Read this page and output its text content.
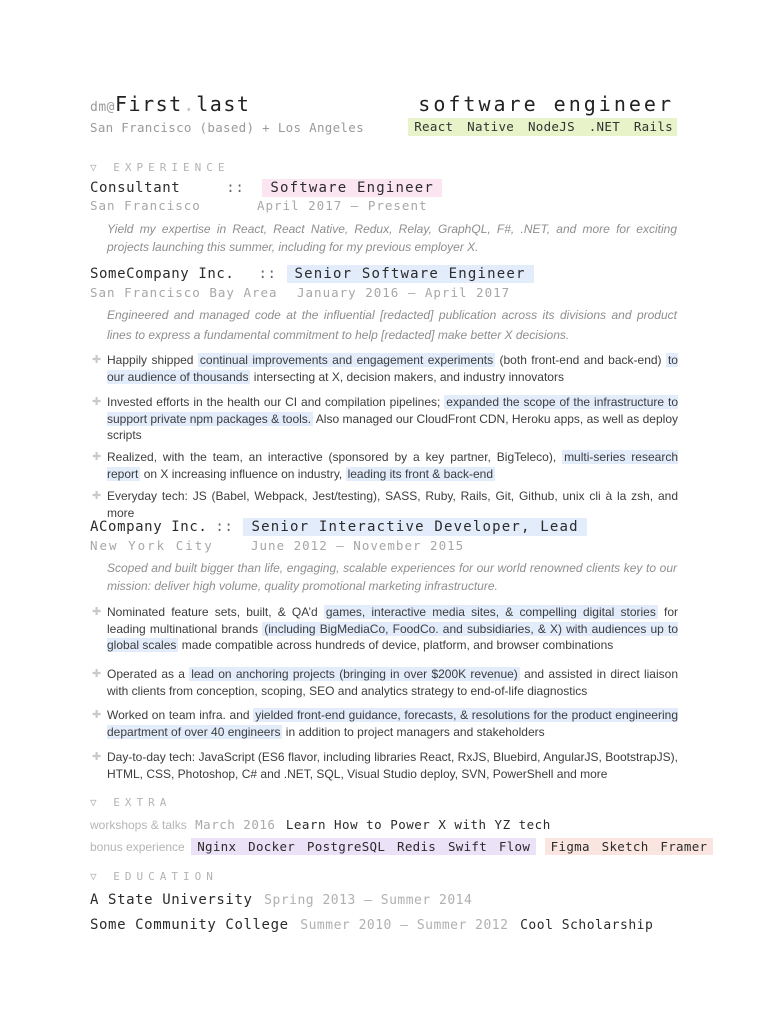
dm@First.last	software engineer
San Francisco (based) + Los Angeles	React Native NodeJS .NET Rails
▽ EXPERIENCE
Consultant	:: Software Engineer
San Francisco	April 2017 – Present
Yield my expertise in React, React Native, Redux, Relay, GraphQL, F#, .NET, and more for exciting projects launching this summer, including for my previous employer X.
SomeCompany Inc. :: Senior Software Engineer
San Francisco Bay Area January 2016 – April 2017
Engineered and managed code at the influential [redacted] publication across its divisions and product lines to express a fundamental commitment to help [redacted] make better X decisions.
✚ Happily shipped continual improvements and engagement experiments (both front-end and back-end) to our audience of thousands intersecting at X, decision makers, and industry innovators
✚ Invested efforts in the health our CI and compilation pipelines; expanded the scope of the infrastructure to support private npm packages & tools. Also managed our CloudFront CDN, Heroku apps, as well as deploy scripts
✚ Realized, with the team, an interactive (sponsored by a key partner, BigTeleco), multi-series research report on X increasing influence on industry, leading its front & back-end
✚ Everyday tech: JS (Babel, Webpack, Jest/testing), SASS, Ruby, Rails, Git, Github, unix cli à la zsh, and more
ACompany Inc. :: Senior Interactive Developer, Lead
New York City	June 2012 – November 2015
Scoped and built bigger than life, engaging, scalable experiences for our world renowned clients key to our mission: deliver high volume, quality promotional marketing infrastructure.
✚ Nominated feature sets, built, & QA’d games, interactive media sites, & compelling digital stories for leading multinational brands (including BigMediaCo, FoodCo. and subsidiaries, & X) with audiences up to global scales made compatible across hundreds of device, platform, and browser combinations
✚ Operated as a lead on anchoring projects (bringing in over $200K revenue) and assisted in direct liaison with clients from conception, scoping, SEO and analytics strategy to end-of-life diagnostics
✚ Worked on team infra. and yielded front-end guidance, forecasts, & resolutions for the product engineering department of over 40 engineers in addition to project managers and stakeholders
✚ Day-to-day tech: JavaScript (ES6 flavor, including libraries React, RxJS, Bluebird, AngularJS, BootstrapJS), HTML, CSS, Photoshop, C# and .NET, SQL, Visual Studio deploy, SVN, PowerShell and more
▽ EXTRA
workshops & talks March 2016 Learn How to Power X with YZ tech
bonus experience Nginx Docker PostgreSQL Redis Swift Flow Figma Sketch Framer
▽ EDUCATION
A State University Spring 2013 – Summer 2014
Some Community College Summer 2010 – Summer 2012 Cool Scholarship
